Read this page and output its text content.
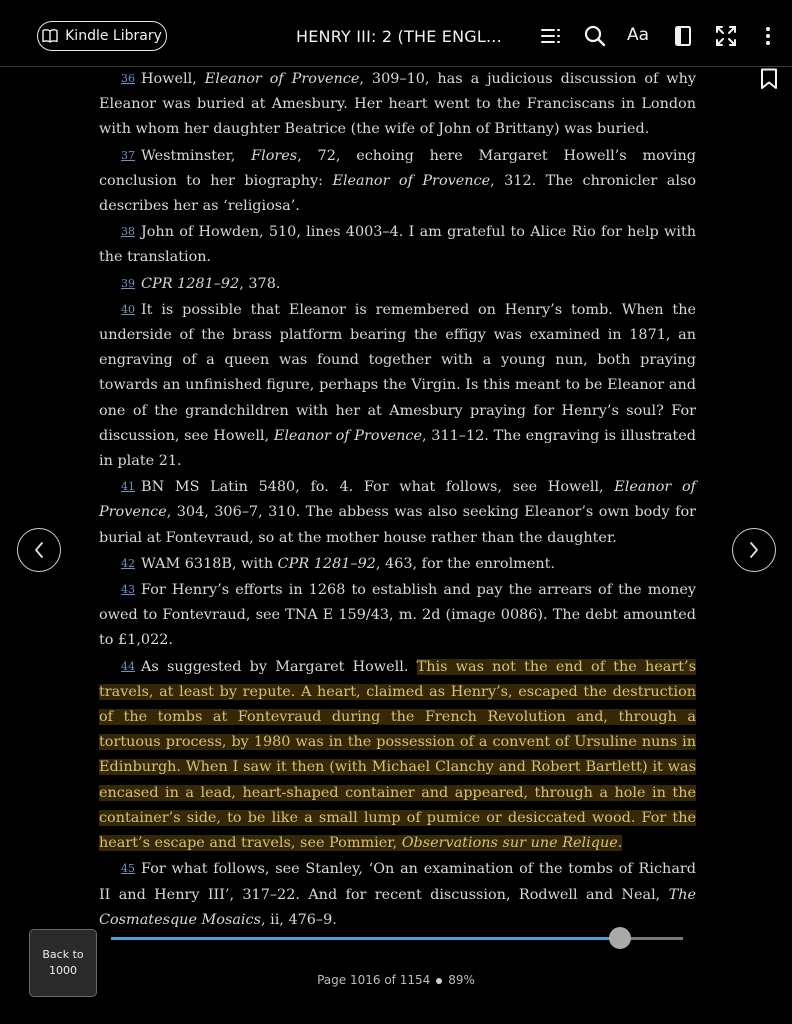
Kindle Library	HENRY III: 2 (THE ENGL...	Aa

36 Howell, Eleanor of Provence, 309–10, has a judicious discussion of why Eleanor was buried at Amesbury. Her heart went to the Franciscans in London with whom her daughter Beatrice (the wife of John of Brittany) was buried.

37 Westminster, Flores, 72, echoing here Margaret Howell’s moving conclusion to her biography: Eleanor of Provence, 312. The chronicler also describes her as ‘religiosa’.

38 John of Howden, 510, lines 4003–4. I am grateful to Alice Rio for help with the translation.

39 CPR 1281–92, 378.

40 It is possible that Eleanor is remembered on Henry’s tomb. When the underside of the brass platform bearing the effigy was examined in 1871, an engraving of a queen was found together with a young nun, both praying towards an unfinished figure, perhaps the Virgin. Is this meant to be Eleanor and one of the grandchildren with her at Amesbury praying for Henry’s soul? For discussion, see Howell, Eleanor of Provence, 311–12. The engraving is illustrated in plate 21.

41 BN MS Latin 5480, fo. 4. For what follows, see Howell, Eleanor of Provence, 304, 306–7, 310. The abbess was also seeking Eleanor’s own body for burial at Fontevraud, so at the mother house rather than the daughter.

42 WAM 6318B, with CPR 1281–92, 463, for the enrolment.

43 For Henry’s efforts in 1268 to establish and pay the arrears of the money owed to Fontevraud, see TNA E 159/43, m. 2d (image 0086). The debt amounted to £1,022.

44 As suggested by Margaret Howell. This was not the end of the heart’s travels, at least by repute. A heart, claimed as Henry’s, escaped the destruction of the tombs at Fontevraud during the French Revolution and, through a tortuous process, by 1980 was in the possession of a convent of Ursuline nuns in Edinburgh. When I saw it then (with Michael Clanchy and Robert Bartlett) it was encased in a lead, heart-shaped container and appeared, through a hole in the container’s side, to be like a small lump of pumice or desiccated wood. For the heart’s escape and travels, see Pommier, Observations sur une Relique.

45 For what follows, see Stanley, ‘On an examination of the tombs of Richard II and Henry III’, 317–22. And for recent discussion, Rodwell and Neal, The Cosmatesque Mosaics, ii, 476–9.

Back to
1000
Page 1016 of 1154 89%
